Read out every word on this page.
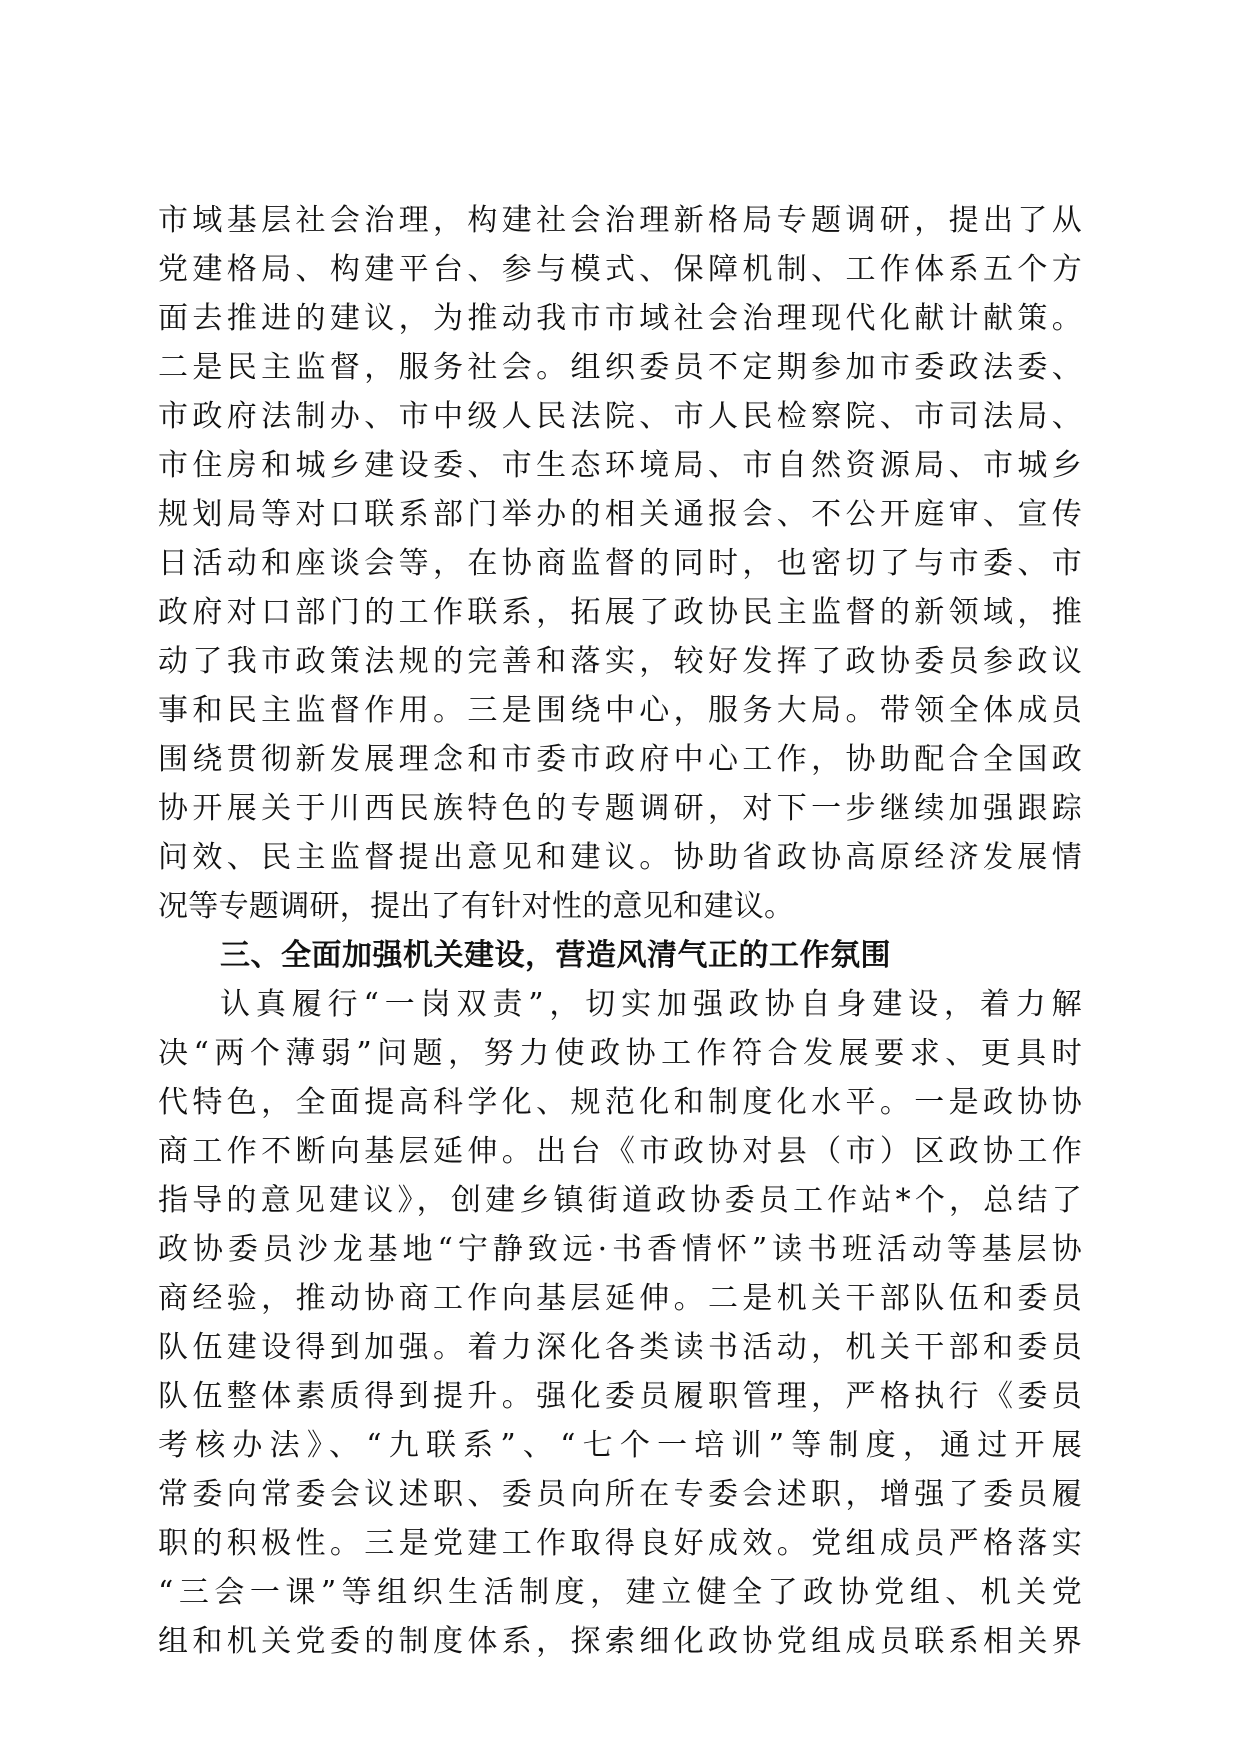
市域基层社会治理，构建社会治理新格局专题调研，提出了从
党建格局、构建平台、参与模式、保障机制、工作体系五个方
面去推进的建议，为推动我市市域社会治理现代化献计献策。
二是民主监督，服务社会。组织委员不定期参加市委政法委、
市政府法制办、市中级人民法院、市人民检察院、市司法局、
市住房和城乡建设委、市生态环境局、市自然资源局、市城乡
规划局等对口联系部门举办的相关通报会、不公开庭审、宣传
日活动和座谈会等，在协商监督的同时，也密切了与市委、市
政府对口部门的工作联系，拓展了政协民主监督的新领域，推
动了我市政策法规的完善和落实，较好发挥了政协委员参政议
事和民主监督作用。三是围绕中心，服务大局。带领全体成员
围绕贯彻新发展理念和市委市政府中心工作，协助配合全国政
协开展关于川西民族特色的专题调研，对下一步继续加强跟踪
问效、民主监督提出意见和建议。协助省政协高原经济发展情
况等专题调研，提出了有针对性的意见和建议。
三、全面加强机关建设，营造风清气正的工作氛围
认真履行“一岗双责”，切实加强政协自身建设，着力解
决“两个薄弱”问题，努力使政协工作符合发展要求、更具时
代特色，全面提高科学化、规范化和制度化水平。一是政协协
商工作不断向基层延伸。出台《市政协对县（市）区政协工作
指导的意见建议》，创建乡镇街道政协委员工作站*个，总结了
政协委员沙龙基地“宁静致远·书香情怀”读书班活动等基层协
商经验，推动协商工作向基层延伸。二是机关干部队伍和委员
队伍建设得到加强。着力深化各类读书活动，机关干部和委员
队伍整体素质得到提升。强化委员履职管理，严格执行《委员
考核办法》、“九联系”、“七个一培训”等制度，通过开展
常委向常委会议述职、委员向所在专委会述职，增强了委员履
职的积极性。三是党建工作取得良好成效。党组成员严格落实
“三会一课”等组织生活制度，建立健全了政协党组、机关党
组和机关党委的制度体系，探索细化政协党组成员联系相关界
